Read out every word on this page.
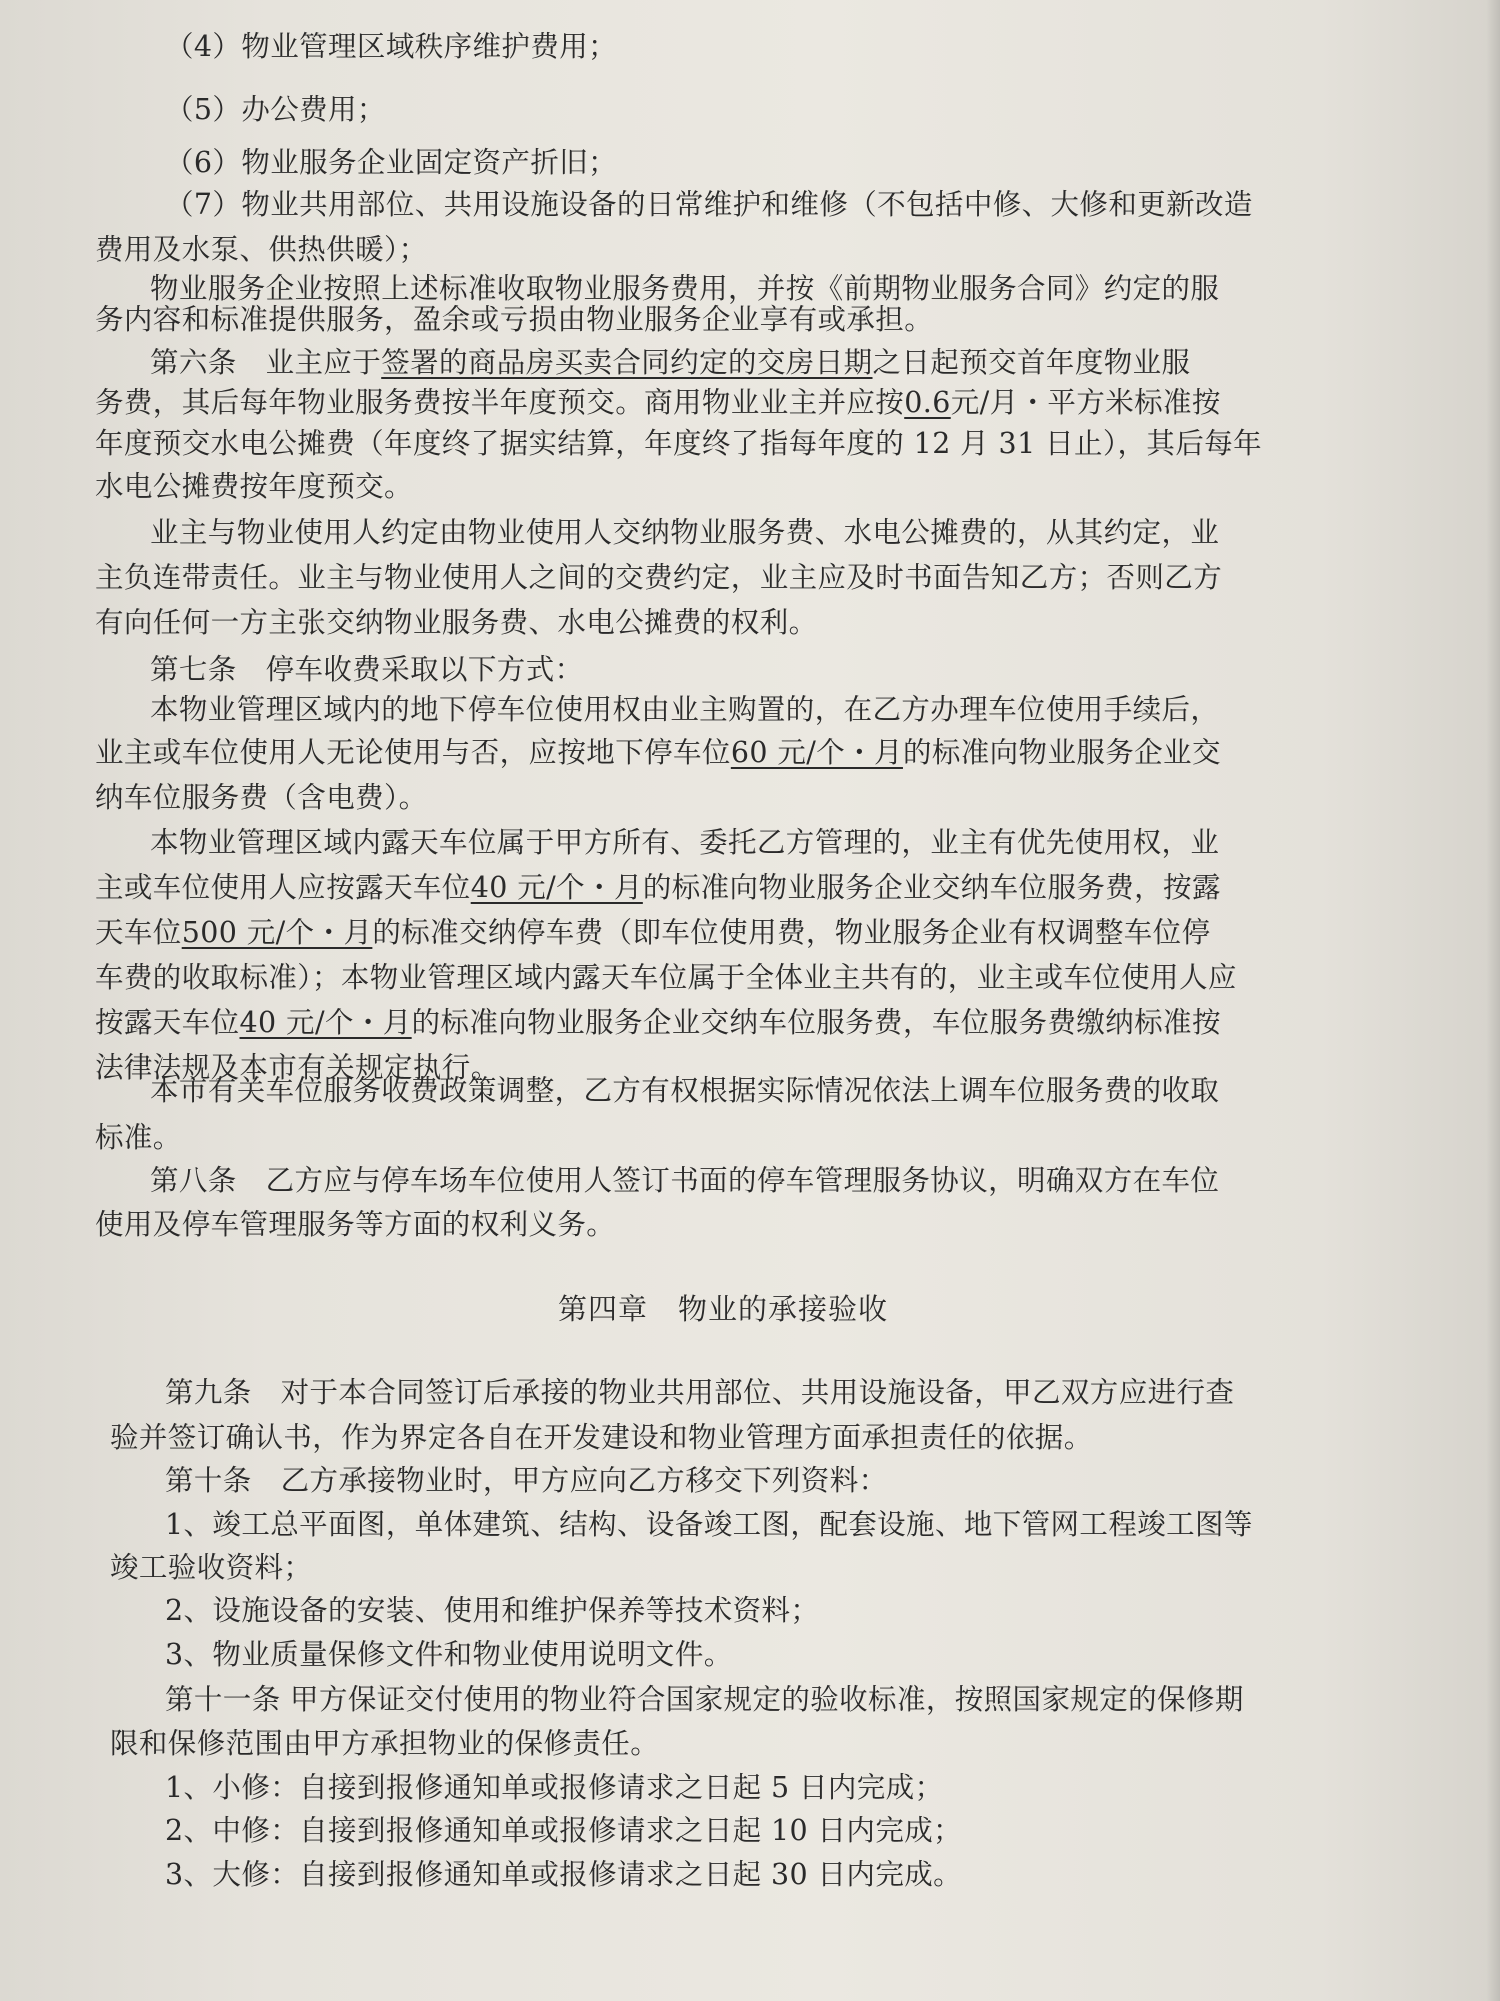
（4）物业管理区域秩序维护费用；
（5）办公费用；
（6）物业服务企业固定资产折旧；
（7）物业共用部位、共用设施设备的日常维护和维修（不包括中修、大修和更新改造
费用及水泵、供热供暖）；
物业服务企业按照上述标准收取物业服务费用，并按《前期物业服务合同》约定的服
务内容和标准提供服务，盈余或亏损由物业服务企业享有或承担。
第六条　业主应于签署的商品房买卖合同约定的交房日期之日起预交首年度物业服
务费，其后每年物业服务费按半年度预交。商用物业业主并应按0.6元/月・平方米标准按
年度预交水电公摊费（年度终了据实结算，年度终了指每年度的 12 月 31 日止），其后每年
水电公摊费按年度预交。
业主与物业使用人约定由物业使用人交纳物业服务费、水电公摊费的，从其约定，业
主负连带责任。业主与物业使用人之间的交费约定，业主应及时书面告知乙方；否则乙方
有向任何一方主张交纳物业服务费、水电公摊费的权利。
第七条　停车收费采取以下方式：
本物业管理区域内的地下停车位使用权由业主购置的，在乙方办理车位使用手续后，
业主或车位使用人无论使用与否，应按地下停车位60 元/个・月的标准向物业服务企业交
纳车位服务费（含电费）。
本物业管理区域内露天车位属于甲方所有、委托乙方管理的，业主有优先使用权，业
主或车位使用人应按露天车位40 元/个・月的标准向物业服务企业交纳车位服务费，按露
天车位500 元/个・月的标准交纳停车费（即车位使用费，物业服务企业有权调整车位停
车费的收取标准）；本物业管理区域内露天车位属于全体业主共有的，业主或车位使用人应
按露天车位40 元/个・月的标准向物业服务企业交纳车位服务费，车位服务费缴纳标准按
法律法规及本市有关规定执行。
本市有关车位服务收费政策调整，乙方有权根据实际情况依法上调车位服务费的收取
标准。
第八条　乙方应与停车场车位使用人签订书面的停车管理服务协议，明确双方在车位
使用及停车管理服务等方面的权利义务。
第四章　物业的承接验收
第九条　对于本合同签订后承接的物业共用部位、共用设施设备，甲乙双方应进行查
验并签订确认书，作为界定各自在开发建设和物业管理方面承担责任的依据。
第十条　乙方承接物业时，甲方应向乙方移交下列资料：
1、竣工总平面图，单体建筑、结构、设备竣工图，配套设施、地下管网工程竣工图等
竣工验收资料；
2、设施设备的安装、使用和维护保养等技术资料；
3、物业质量保修文件和物业使用说明文件。
第十一条 甲方保证交付使用的物业符合国家规定的验收标准，按照国家规定的保修期
限和保修范围由甲方承担物业的保修责任。
1、小修：自接到报修通知单或报修请求之日起 5 日内完成；
2、中修：自接到报修通知单或报修请求之日起 10 日内完成；
3、大修：自接到报修通知单或报修请求之日起 30 日内完成。
